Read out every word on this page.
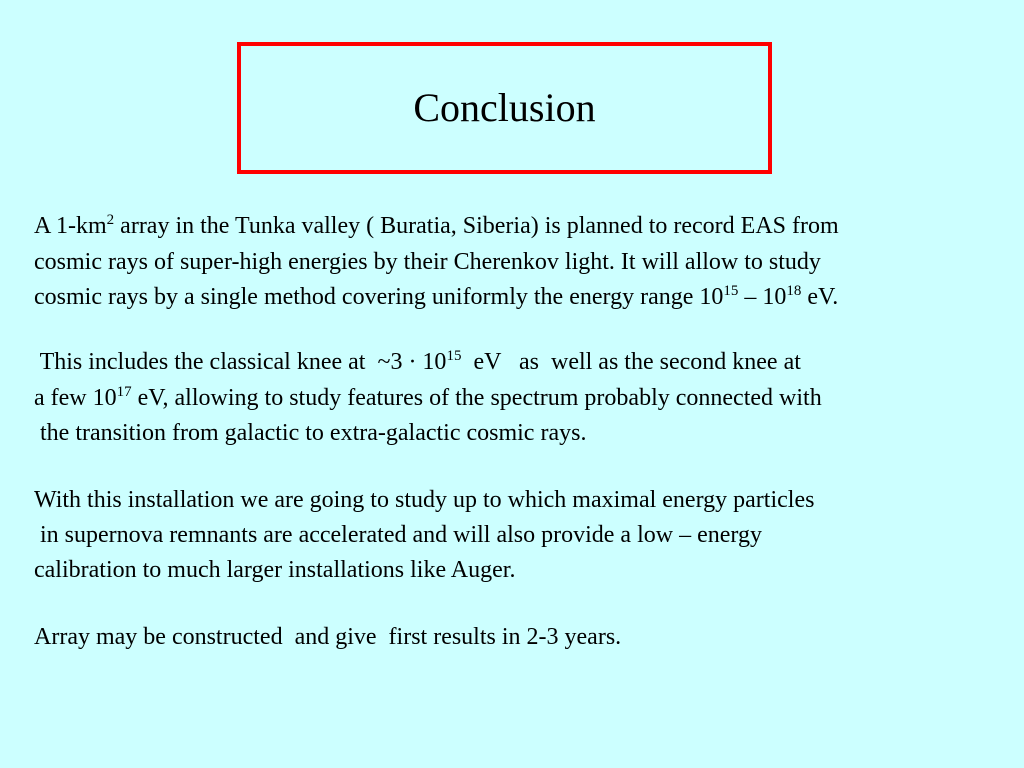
Conclusion
A $1-km^2$ array in the Tunka valley ( Buratia, Siberia) is planned to record EAS from
cosmic rays of super-high energies by their Cherenkov light. It will allow to study
cosmic rays by a single method covering uniformly the energy range $10^{15} - 10^{18}$ eV.
This includes the classical knee at  ~3 · $10^{15}$  eV   as  well as the second knee at
a few $10^{17}$ eV, allowing to study features of the spectrum probably connected with
the transition from galactic to extra-galactic cosmic rays.
With this installation we are going to study up to which maximal energy particles
in supernova remnants are accelerated and will also provide a low – energy
calibration to much larger installations like Auger.
Array may be constructed  and give  first results in 2-3 years.
